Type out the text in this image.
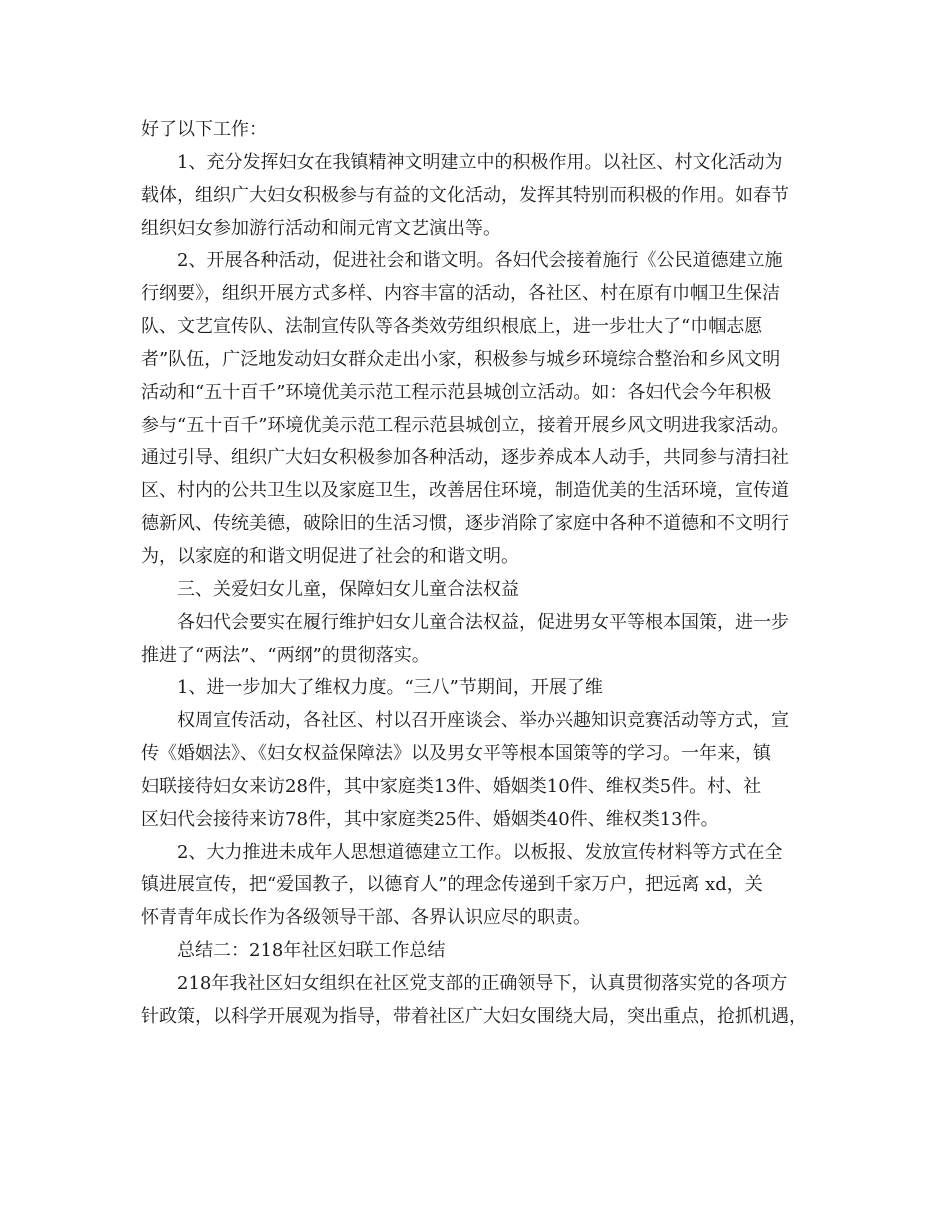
好了以下工作：
1、充分发挥妇女在我镇精神文明建立中的积极作用。以社区、村文化活动为
载体，组织广大妇女积极参与有益的文化活动，发挥其特别而积极的作用。如春节
组织妇女参加游行活动和闹元宵文艺演出等。
2、开展各种活动，促进社会和谐文明。各妇代会接着施行《公民道德建立施
行纲要》，组织开展方式多样、内容丰富的活动，各社区、村在原有巾帼卫生保洁
队、文艺宣传队、法制宣传队等各类效劳组织根底上，进一步壮大了“巾帼志愿
者”队伍，广泛地发动妇女群众走出小家，积极参与城乡环境综合整治和乡风文明
活动和“五十百千”环境优美示范工程示范县城创立活动。如：各妇代会今年积极
参与“五十百千”环境优美示范工程示范县城创立，接着开展乡风文明进我家活动。
通过引导、组织广大妇女积极参加各种活动，逐步养成本人动手，共同参与清扫社
区、村内的公共卫生以及家庭卫生，改善居住环境，制造优美的生活环境，宣传道
德新风、传统美德，破除旧的生活习惯，逐步消除了家庭中各种不道德和不文明行
为，以家庭的和谐文明促进了社会的和谐文明。
三、关爱妇女儿童，保障妇女儿童合法权益
各妇代会要实在履行维护妇女儿童合法权益，促进男女平等根本国策，进一步
推进了“两法”、“两纲”的贯彻落实。
1、进一步加大了维权力度。“三八”节期间，开展了维
权周宣传活动，各社区、村以召开座谈会、举办兴趣知识竞赛活动等方式，宣
传《婚姻法》、《妇女权益保障法》以及男女平等根本国策等的学习。一年来，镇
妇联接待妇女来访28件，其中家庭类13件、婚姻类10件、维权类5件。村、社
区妇代会接待来访78件，其中家庭类25件、婚姻类40件、维权类13件。
2、大力推进未成年人思想道德建立工作。以板报、发放宣传材料等方式在全
镇进展宣传，把“爱国教子，以德育人”的理念传递到千家万户，把远离 xd，关
怀青青年成长作为各级领导干部、各界认识应尽的职责。
总结二：218年社区妇联工作总结
218年我社区妇女组织在社区党支部的正确领导下，认真贯彻落实党的各项方
针政策，以科学开展观为指导，带着社区广大妇女围绕大局，突出重点，抢抓机遇，
